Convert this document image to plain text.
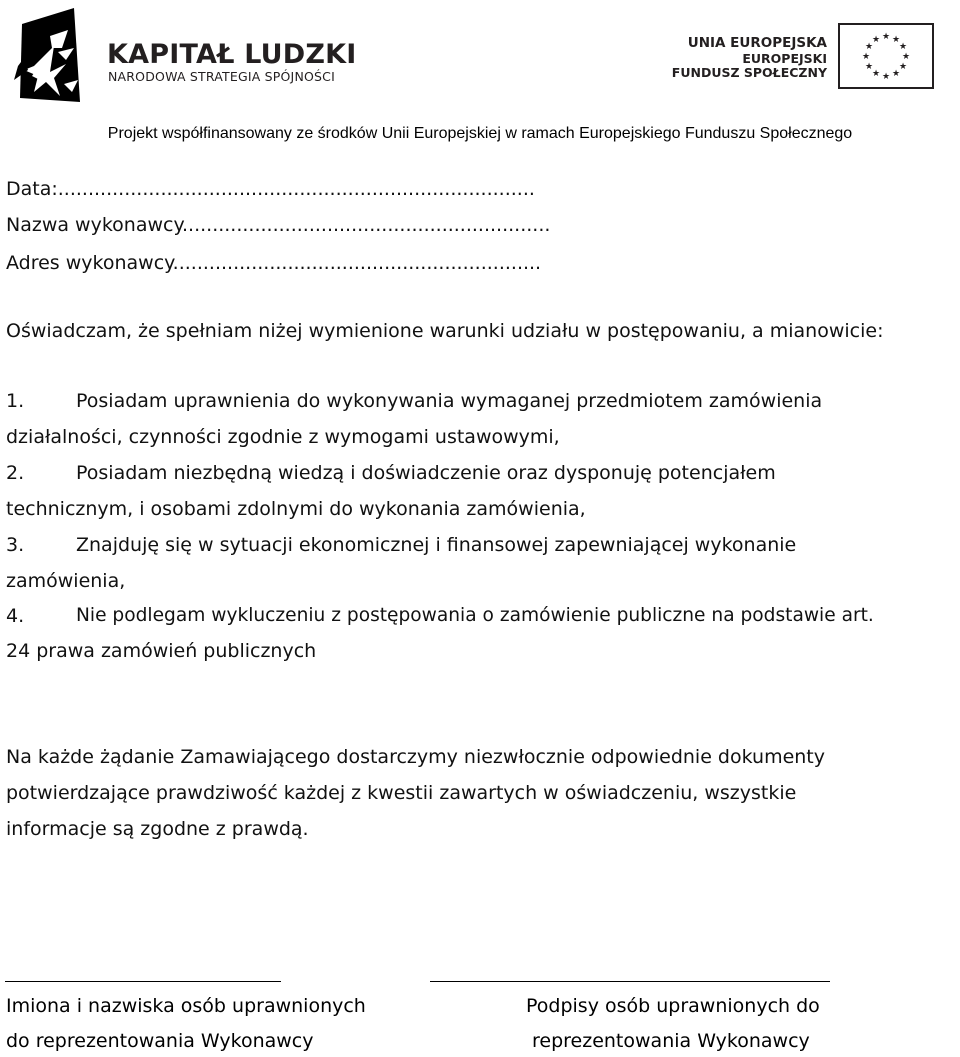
KAPITAŁ LUDZKI
NARODOWA STRATEGIA SPÓJNOŚCI
UNIA EUROPEJSKA
EUROPEJSKI
FUNDUSZ SPOŁECZNY
★ ★
★
★
★
★
★
★
★
★
★
★
Projekt współfinansowany ze środków Unii Europejskiej w ramach Europejskiego Funduszu Społecznego
Data:...............................................................................
Nazwa wykonawcy.............................................................
Adres wykonawcy.............................................................
Oświadczam, że spełniam niżej wymienione warunki udziału w postępowaniu, a mianowicie:
1.	Posiadam uprawnienia do wykonywania wymaganej przedmiotem zamówienia
działalności, czynności zgodnie z wymogami ustawowymi,
2.	Posiadam niezbędną wiedzą i doświadczenie oraz dysponuję potencjałem
technicznym, i osobami zdolnymi do wykonania zamówienia,
3.	Znajduję się w sytuacji ekonomicznej i finansowej zapewniającej wykonanie
zamówienia,
4.	Nie podlegam wykluczeniu z postępowania o zamówienie publiczne na podstawie art.
24 prawa zamówień publicznych
Na każde żądanie Zamawiającego dostarczymy niezwłocznie odpowiednie dokumenty
potwierdzające prawdziwość każdej z kwestii zawartych w oświadczeniu, wszystkie
informacje są zgodne z prawdą.
Imiona i nazwiska osób uprawnionych
do reprezentowania Wykonawcy
Podpisy osób uprawnionych do
reprezentowania Wykonawcy
